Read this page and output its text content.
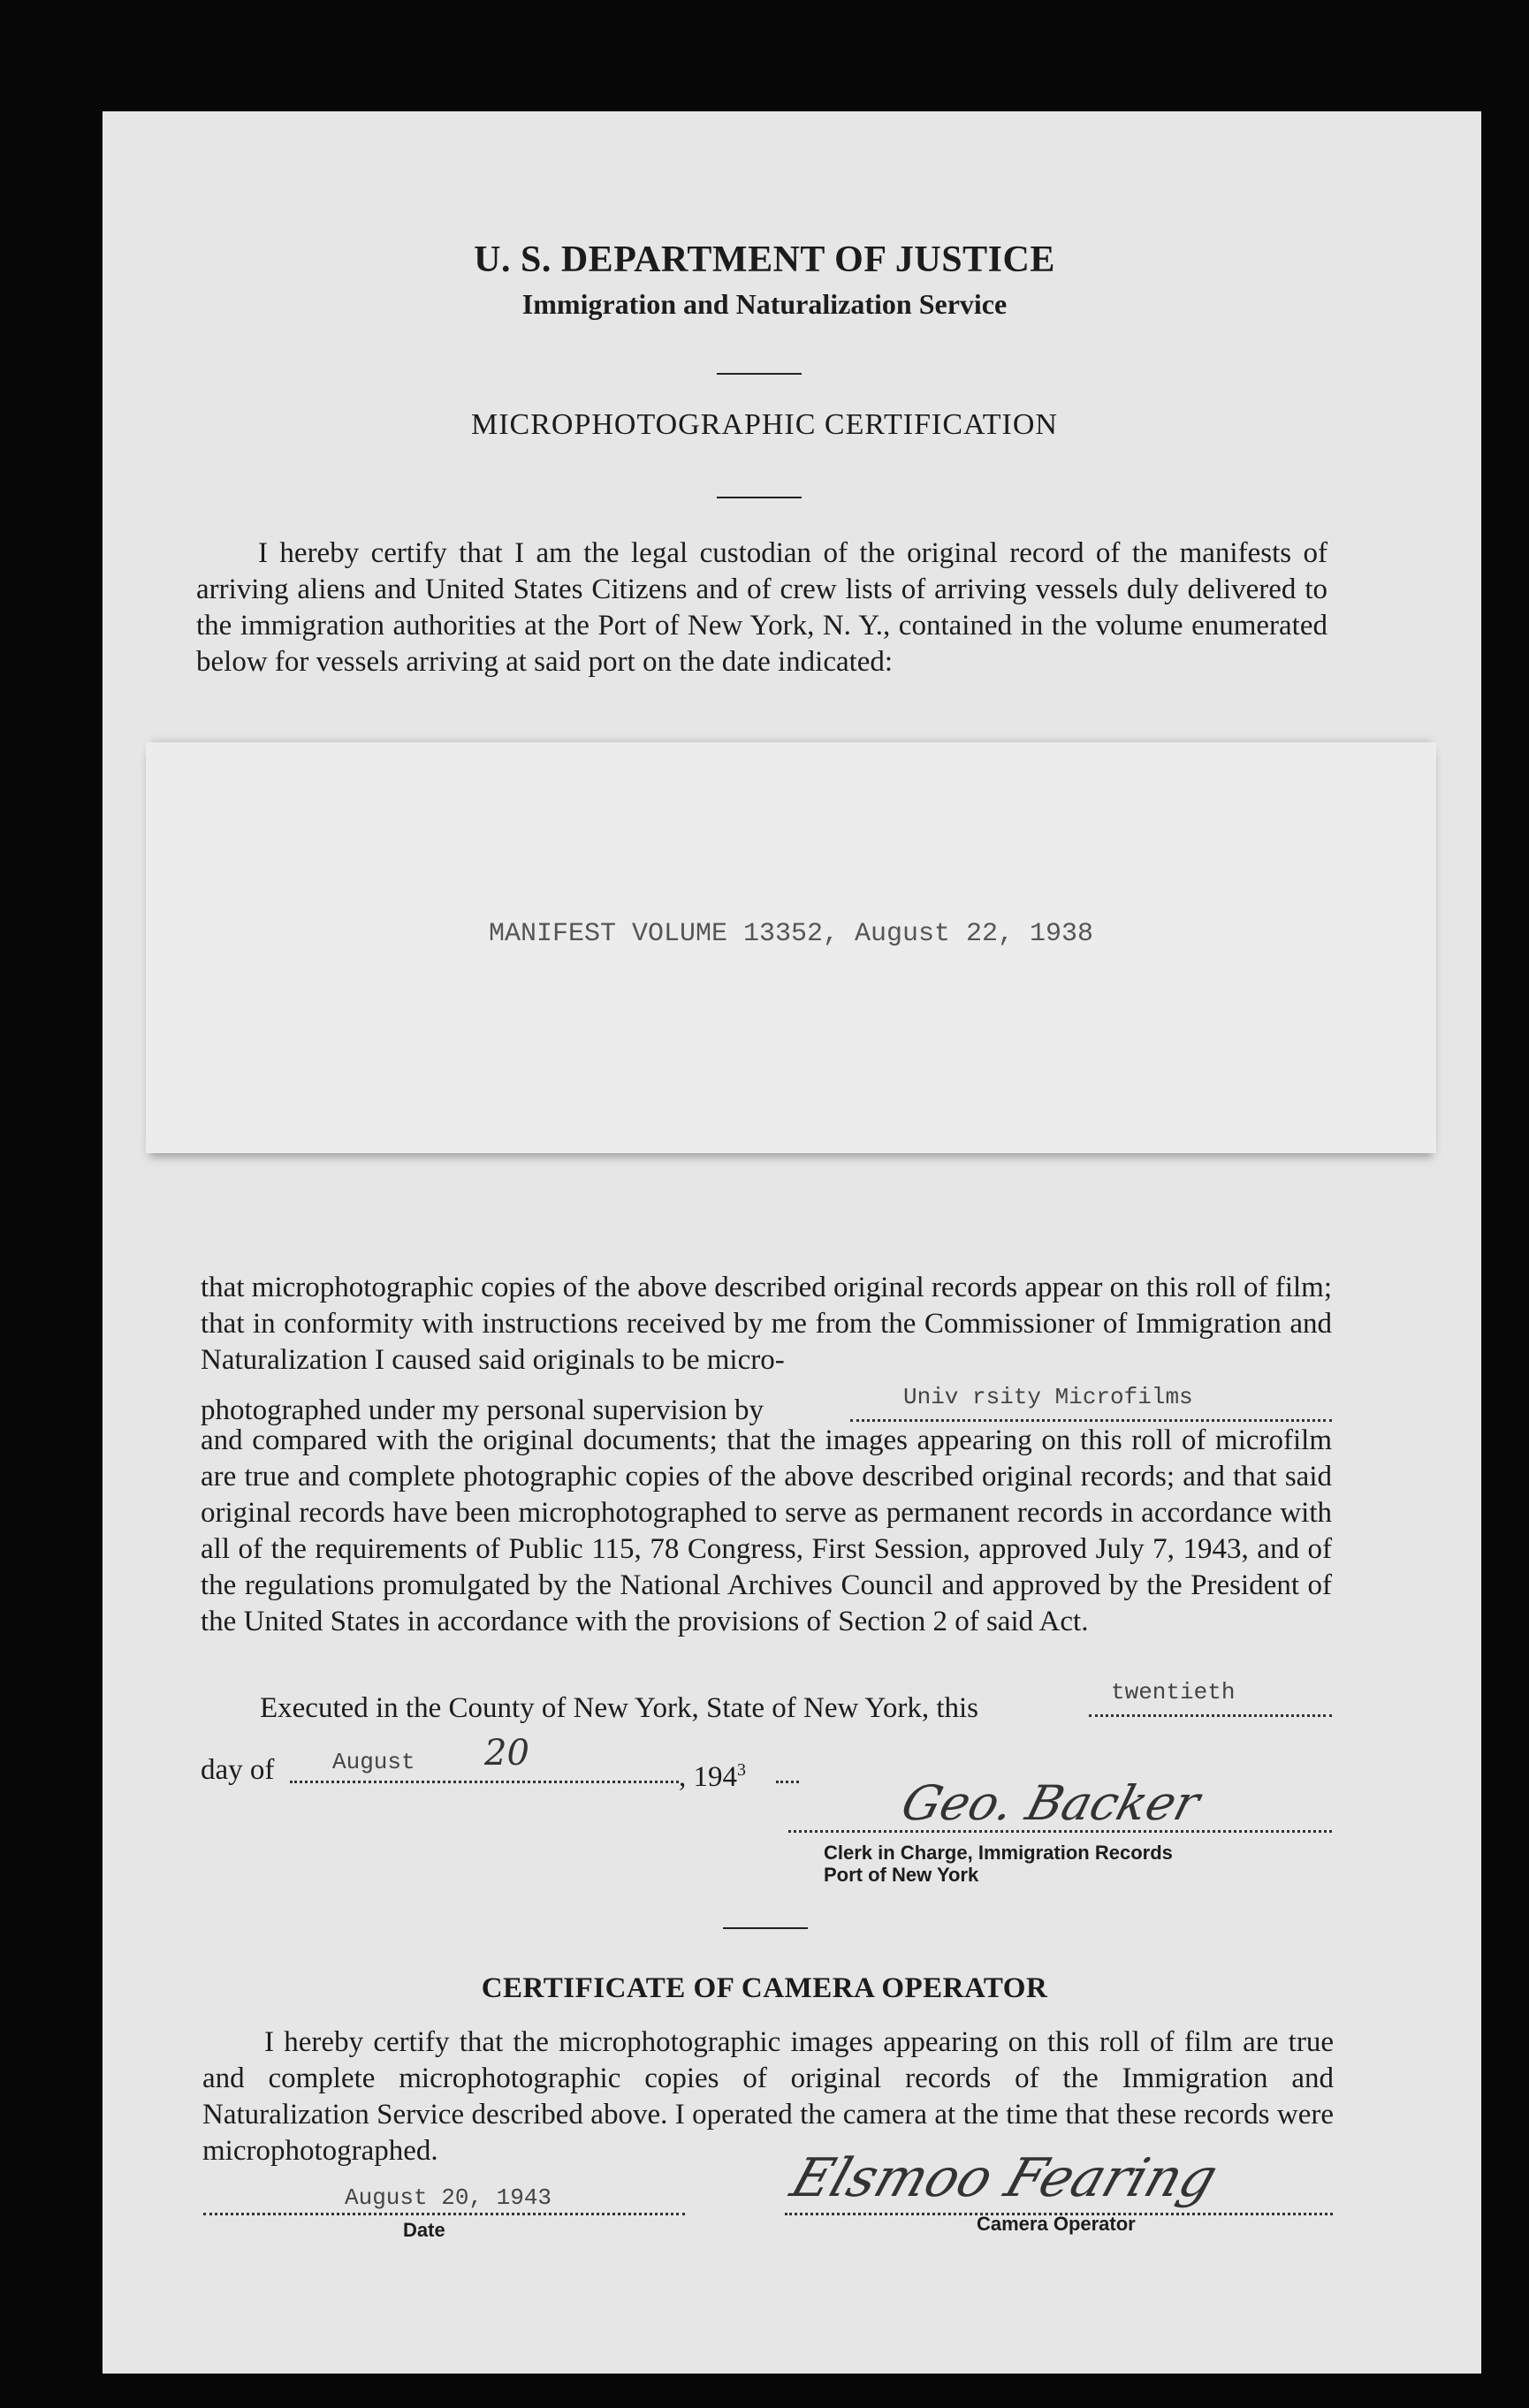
U. S. DEPARTMENT OF JUSTICE
Immigration and Naturalization Service
MICROPHOTOGRAPHIC CERTIFICATION
I hereby certify that I am the legal custodian of the original record of the manifests of arriving aliens and United States Citizens and of crew lists of arriving vessels duly delivered to the immigration authorities at the Port of New York, N. Y., contained in the volume enumerated below for vessels arriving at said port on the date indicated:
MANIFEST VOLUME 13352, August 22, 1938
that microphotographic copies of the above described original records appear on this roll of film; that in conformity with instructions received by me from the Commissioner of Immigration and Naturalization I caused said originals to be micro-
photographed under my personal supervision by	Univ rsity Microfilms
and compared with the original documents; that the images appearing on this roll of microfilm are true and complete photographic copies of the above described original records; and that said original records have been microphotographed to serve as permanent records in accordance with all of the requirements of Public 115, 78 Congress, First Session, approved July 7, 1943, and of the regulations promulgated by the National Archives Council and approved by the President of the United States in accordance with the provisions of Section 2 of said Act.
Executed in the County of New York, State of New York, this	twentieth
day of	August 20
, $194^3$
Geo. Backer
Clerk in Charge, Immigration Records
Port of New York
CERTIFICATE OF CAMERA OPERATOR
I hereby certify that the microphotographic images appearing on this roll of film are true and complete microphotographic copies of original records of the Immigration and Naturalization Service described above. I operated the camera at the time that these records were microphotographed.
August 20, 1943
Date
Elsmoo Fearing
Camera Operator
